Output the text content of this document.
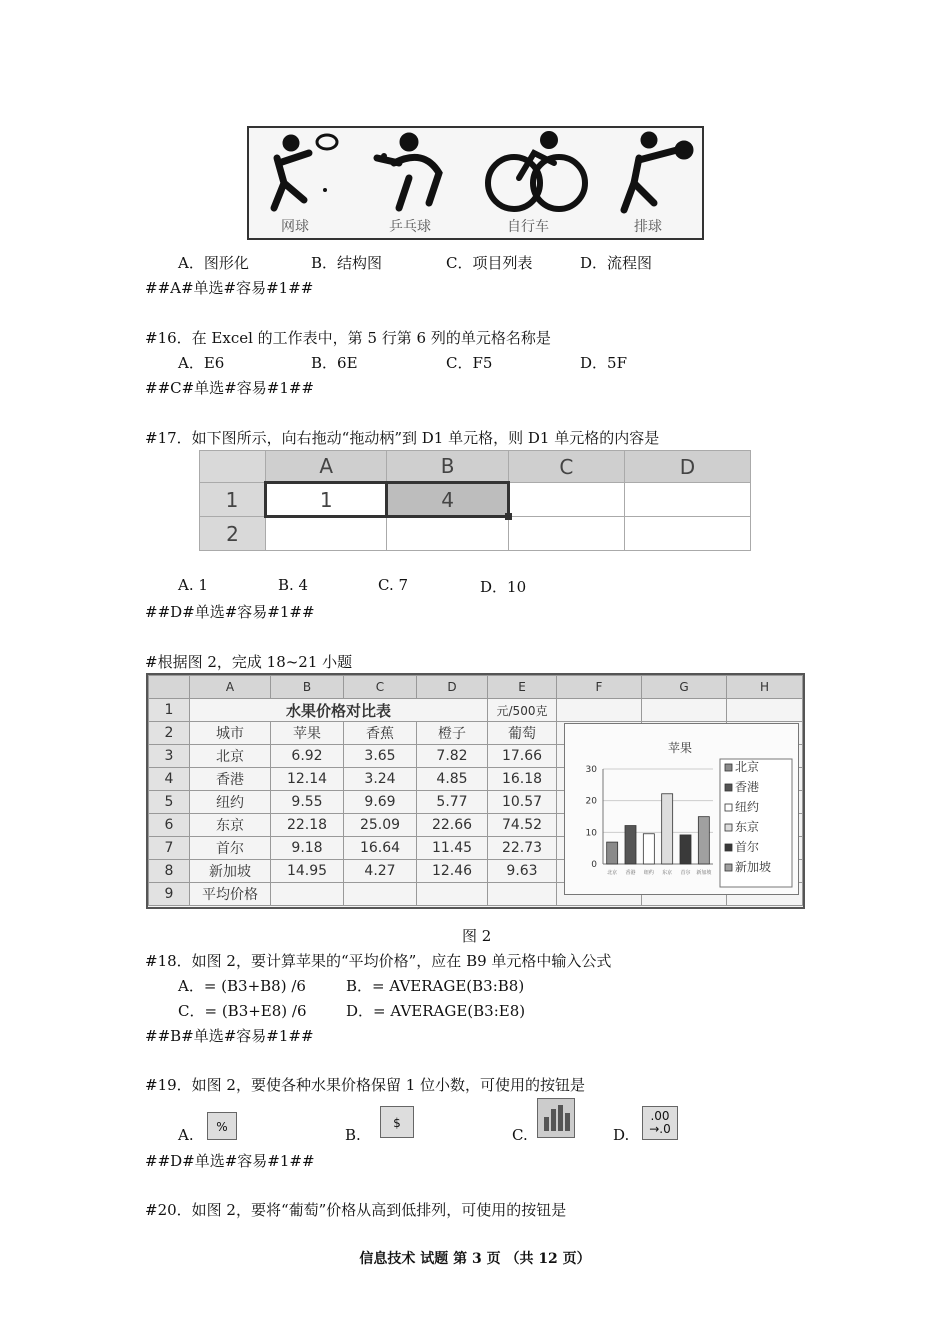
网球	乒乓球	自行车	排球
A．图形化	B．结构图	C．项目列表	D．流程图
##A#单选#容易#1##
#16．在 Excel 的工作表中，第 5 行第 6 列的单元格名称是
A．E6	B．6E	C．F5	D．5F
##C#单选#容易#1##
#17．如下图所示，向右拖动“拖动柄”到 D1 单元格，则 D1 单元格的内容是
	A	B	C	D
1	1	4

2				
A. 1	B. 4	C. 7	D．10
##D#单选#容易#1##
#根据图 2，完成 18~21 小题
	A	B	C	D	E	F	G	H
1	水果价格对比表				元/500克			
2	城市	苹果	香蕉	橙子	葡萄			
3	北京	6.92	3.65	7.82	17.66			
4	香港	12.14	3.24	4.85	16.18			
5	纽约	9.55	9.69	5.77	10.57			
6	东京	22.18	25.09	22.66	74.52			
7	首尔	9.18	16.64	11.45	22.73			
8	新加坡	14.95	4.27	12.46	9.63			
9	平均价格							
苹果
30
20
10
0
北京 香港 纽约 东京 首尔 新加坡
北京
香港
纽约
东京
首尔
新加坡
图 2
#18．如图 2，要计算苹果的“平均价格”，应在 B9 单元格中输入公式
A．= (B3+B8) /6	B．= AVERAGE(B3:B8)
C．= (B3+E8) /6	D．= AVERAGE(B3:E8)
##B#单选#容易#1##
#19．如图 2，要使各种水果价格保留 1 位小数，可使用的按钮是
A.	%	B.
$
C.	D.
.00
→.0
##D#单选#容易#1##
#20．如图 2，要将“葡萄”价格从高到低排列，可使用的按钮是
信息技术 试题 第 3 页 （共 12 页）
